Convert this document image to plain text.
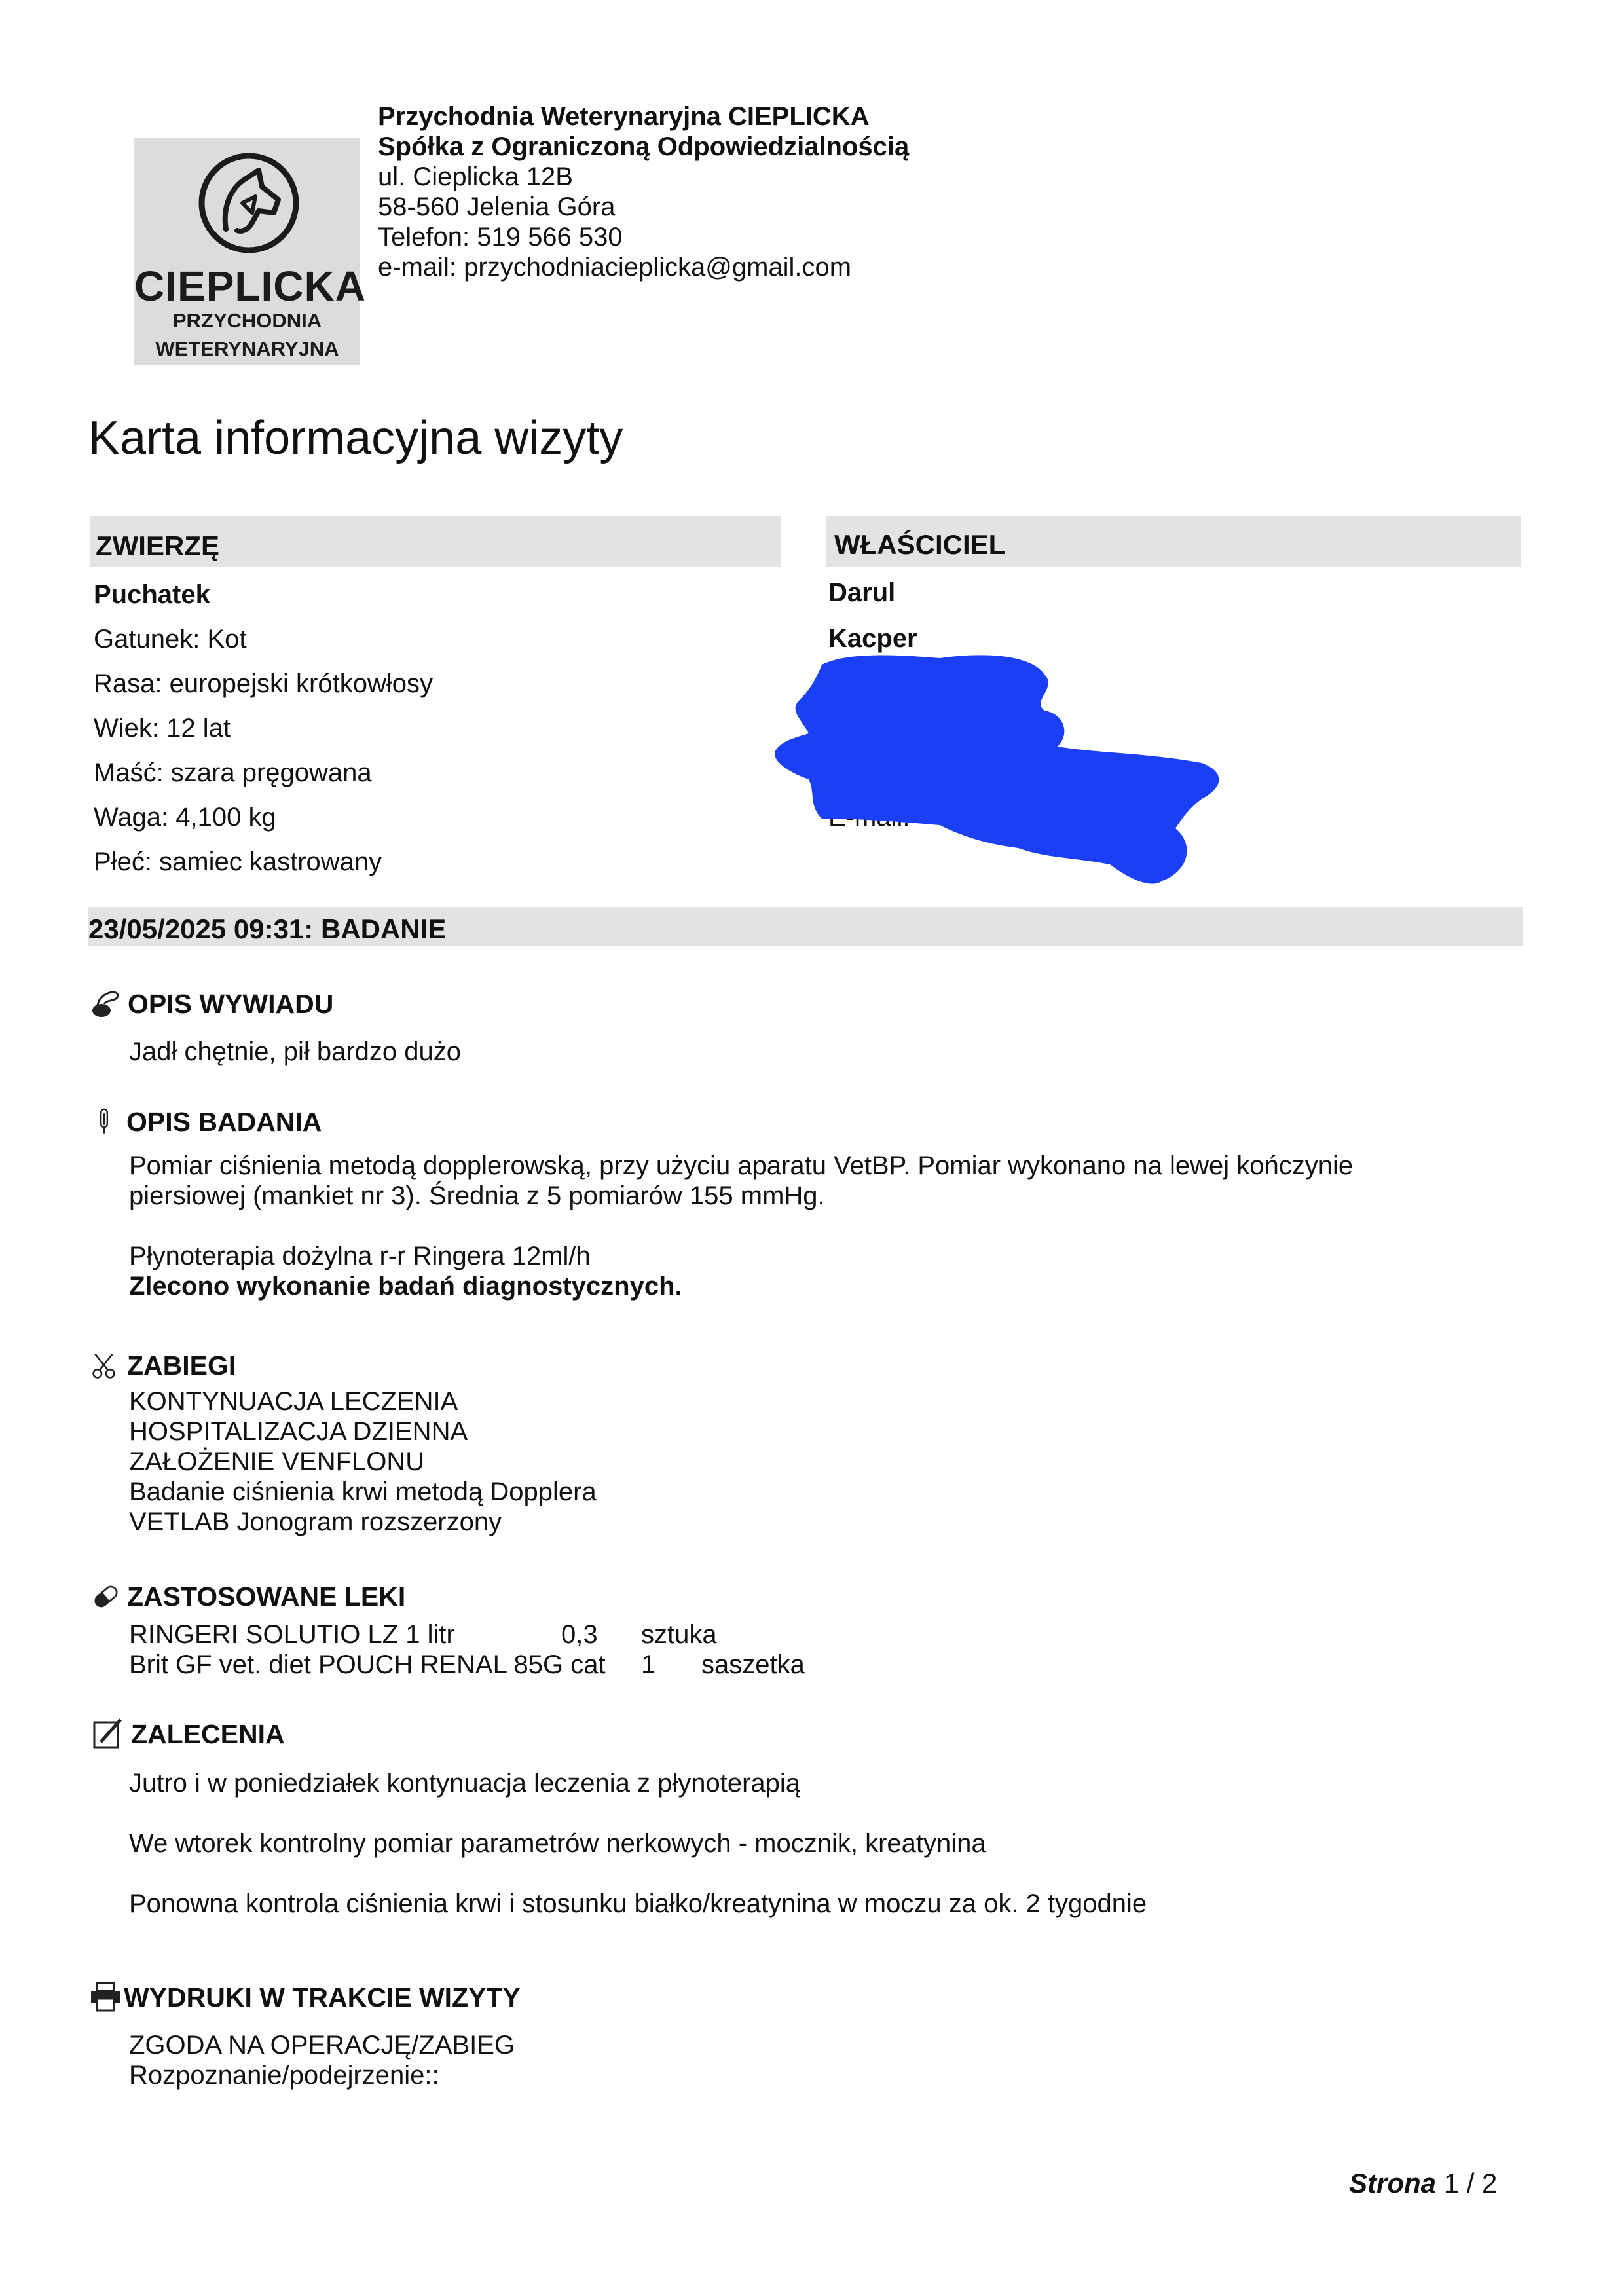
CIEPLICKA
PRZYCHODNIA
WETERYNARYJNA
Przychodnia Weterynaryjna CIEPLICKA
Spółka z Ograniczoną Odpowiedzialnością
ul. Cieplicka 12B
58-560 Jelenia Góra
Telefon: 519 566 530
e-mail: przychodniacieplicka@gmail.com
Karta informacyjna wizyty
ZWIERZĘ
Puchatek
Gatunek: Kot
Rasa: europejski krótkowłosy
Wiek: 12 lat
Maść: szara pręgowana
Waga: 4,100 kg
Płeć: samiec kastrowany
WŁAŚCICIEL
Darul
Kacper
23/05/2025 09:31: BADANIE
OPIS WYWIADU
Jadł chętnie, pił bardzo dużo
OPIS BADANIA
Pomiar ciśnienia metodą dopplerowską, przy użyciu aparatu VetBP. Pomiar wykonano na lewej kończynie
piersiowej (mankiet nr 3). Średnia z 5 pomiarów 155 mmHg.
Płynoterapia dożylna r-r Ringera 12ml/h
Zlecono wykonanie badań diagnostycznych.
ZABIEGI
KONTYNUACJA LECZENIA
HOSPITALIZACJA DZIENNA
ZAŁOŻENIE VENFLONU
Badanie ciśnienia krwi metodą Dopplera
VETLAB Jonogram rozszerzony
ZASTOSOWANE LEKI
RINGERI SOLUTIO LZ 1 litr	0,3	sztuka
Brit GF vet. diet POUCH RENAL 85G cat	1	saszetka
ZALECENIA
Jutro i w poniedziałek kontynuacja leczenia z płynoterapią
We wtorek kontrolny pomiar parametrów nerkowych - mocznik, kreatynina
Ponowna kontrola ciśnienia krwi i stosunku białko/kreatynina w moczu za ok. 2 tygodnie
WYDRUKI W TRAKCIE WIZYTY
ZGODA NA OPERACJĘ/ZABIEG
Rozpoznanie/podejrzenie::
Strona 1 / 2
